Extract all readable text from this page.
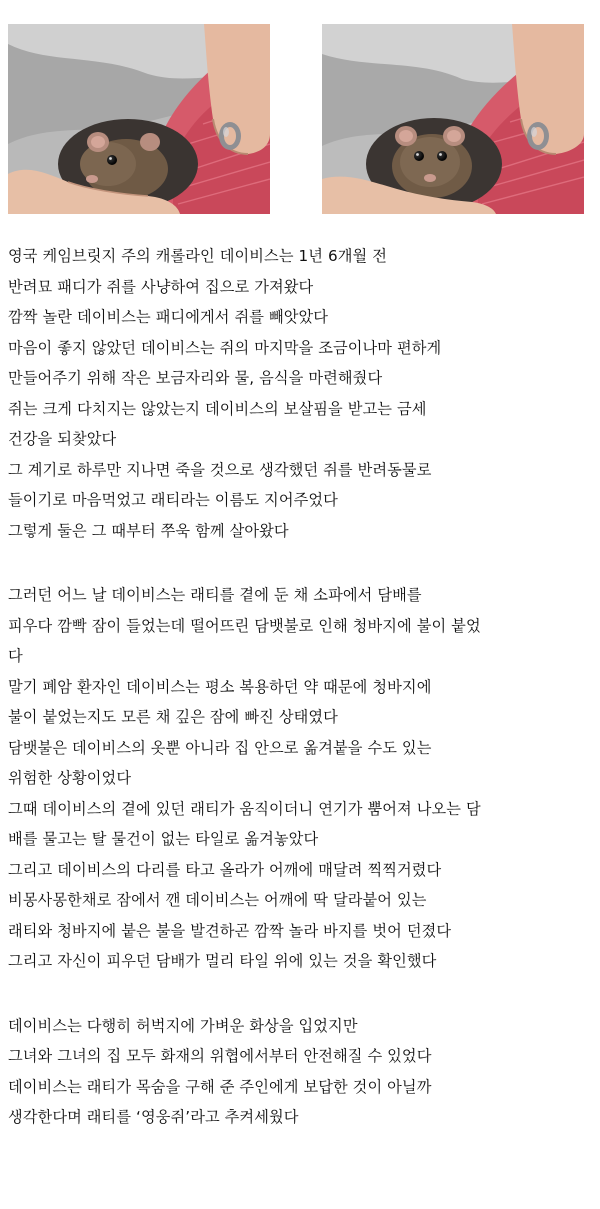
영국 케임브릿지 주의 캐롤라인 데이비스는 1년 6개월 전
반려묘 패디가 쥐를 사냥하여 집으로 가져왔다
깜짝 놀란 데이비스는 패디에게서 쥐를 빼앗았다
마음이 좋지 않았던 데이비스는 쥐의 마지막을 조금이나마 편하게
만들어주기 위해 작은 보금자리와 물, 음식을 마련해줬다
쥐는 크게 다치지는 않았는지 데이비스의 보살핌을 받고는 금세
건강을 되찾았다
그 계기로 하루만 지나면 죽을 것으로 생각했던 쥐를 반려동물로
들이기로 마음먹었고 래티라는 이름도 지어주었다
그렇게 둘은 그 때부터 쭈욱 함께 살아왔다
그러던 어느 날 데이비스는 래티를 곁에 둔 채 소파에서 담배를
피우다 깜빡 잠이 들었는데 떨어뜨린 담뱃불로 인해 청바지에 불이 붙었
다
말기 폐암 환자인 데이비스는 평소 복용하던 약 때문에 청바지에
불이 붙었는지도 모른 채 깊은 잠에 빠진 상태였다
담뱃불은 데이비스의 옷뿐 아니라 집 안으로 옮겨붙을 수도 있는
위험한 상황이었다
그때 데이비스의 곁에 있던 래티가 움직이더니 연기가 뿜어져 나오는 담
배를 물고는 탈 물건이 없는 타일로 옮겨놓았다
그리고 데이비스의 다리를 타고 올라가 어깨에 매달려 찍찍거렸다
비몽사몽한채로 잠에서 깬 데이비스는 어깨에 딱 달라붙어 있는
래티와 청바지에 붙은 불을 발견하곤 깜짝 놀라 바지를 벗어 던졌다
그리고 자신이 피우던 담배가 멀리 타일 위에 있는 것을 확인했다
데이비스는 다행히 허벅지에 가벼운 화상을 입었지만
그녀와 그녀의 집 모두 화재의 위협에서부터 안전해질 수 있었다
데이비스는 래티가 목숨을 구해 준 주인에게 보답한 것이 아닐까
생각한다며 래티를 ‘영웅쥐’라고 추켜세웠다
